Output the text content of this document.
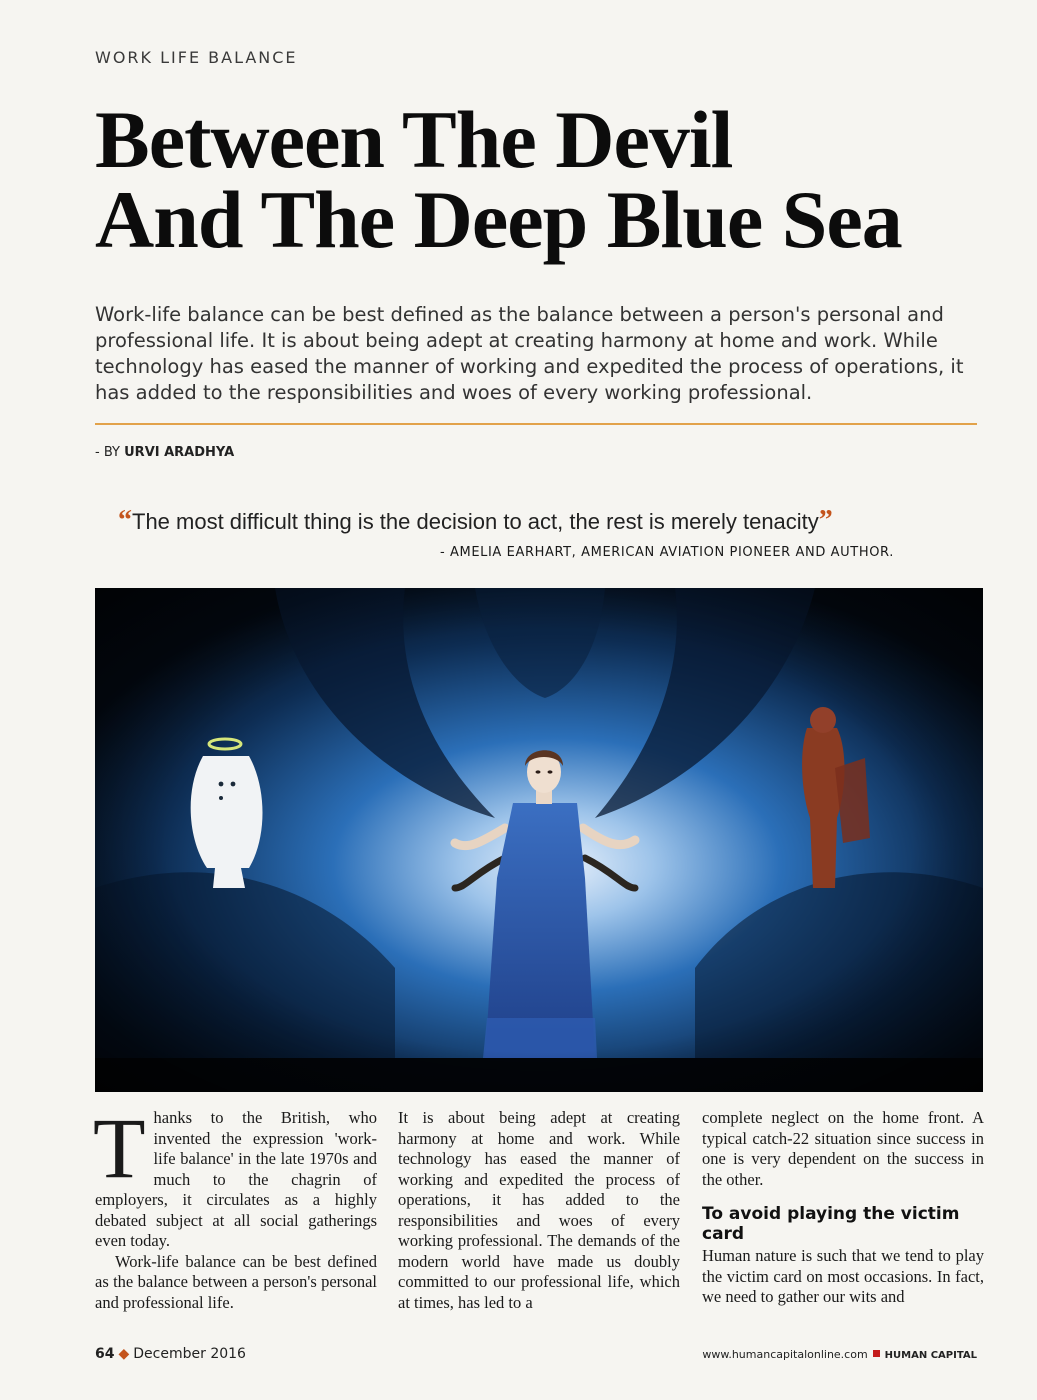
WORK LIFE BALANCE
Between The Devil
And The Deep Blue Sea
Work-life balance can be best defined as the balance between a person's personal and professional life. It is about being adept at creating harmony at home and work. While technology has eased the manner of working and expedited the process of operations, it has added to the responsibilities and woes of every working professional.
- BY URVI ARADHYA
“The most difficult thing is the decision to act, the rest is merely tenacity”
- AMELIA EARHART, AMERICAN AVIATION PIONEER AND AUTHOR.

Thanks to the British, who invented the expression 'work-life balance' in the late 1970s and much to the chagrin of employers, it circulates as a highly debated subject at all social gatherings even today.

Work-life balance can be best defined as the balance between a person's personal and professional life.

It is about being adept at creating harmony at home and work. While technology has eased the manner of working and expedited the process of operations, it has added to the responsibilities and woes of every working professional. The demands of the modern world have made us doubly committed to our professional life, which at times, has led to a

complete neglect on the home front. A typical catch-22 situation since success in one is very dependent on the success in the other.

To avoid playing the victim card

Human nature is such that we tend to play the victim card on most occasions. In fact, we need to gather our wits and

64 ◆ December 2016	www.humancapitalonline.com HUMAN CAPITAL
